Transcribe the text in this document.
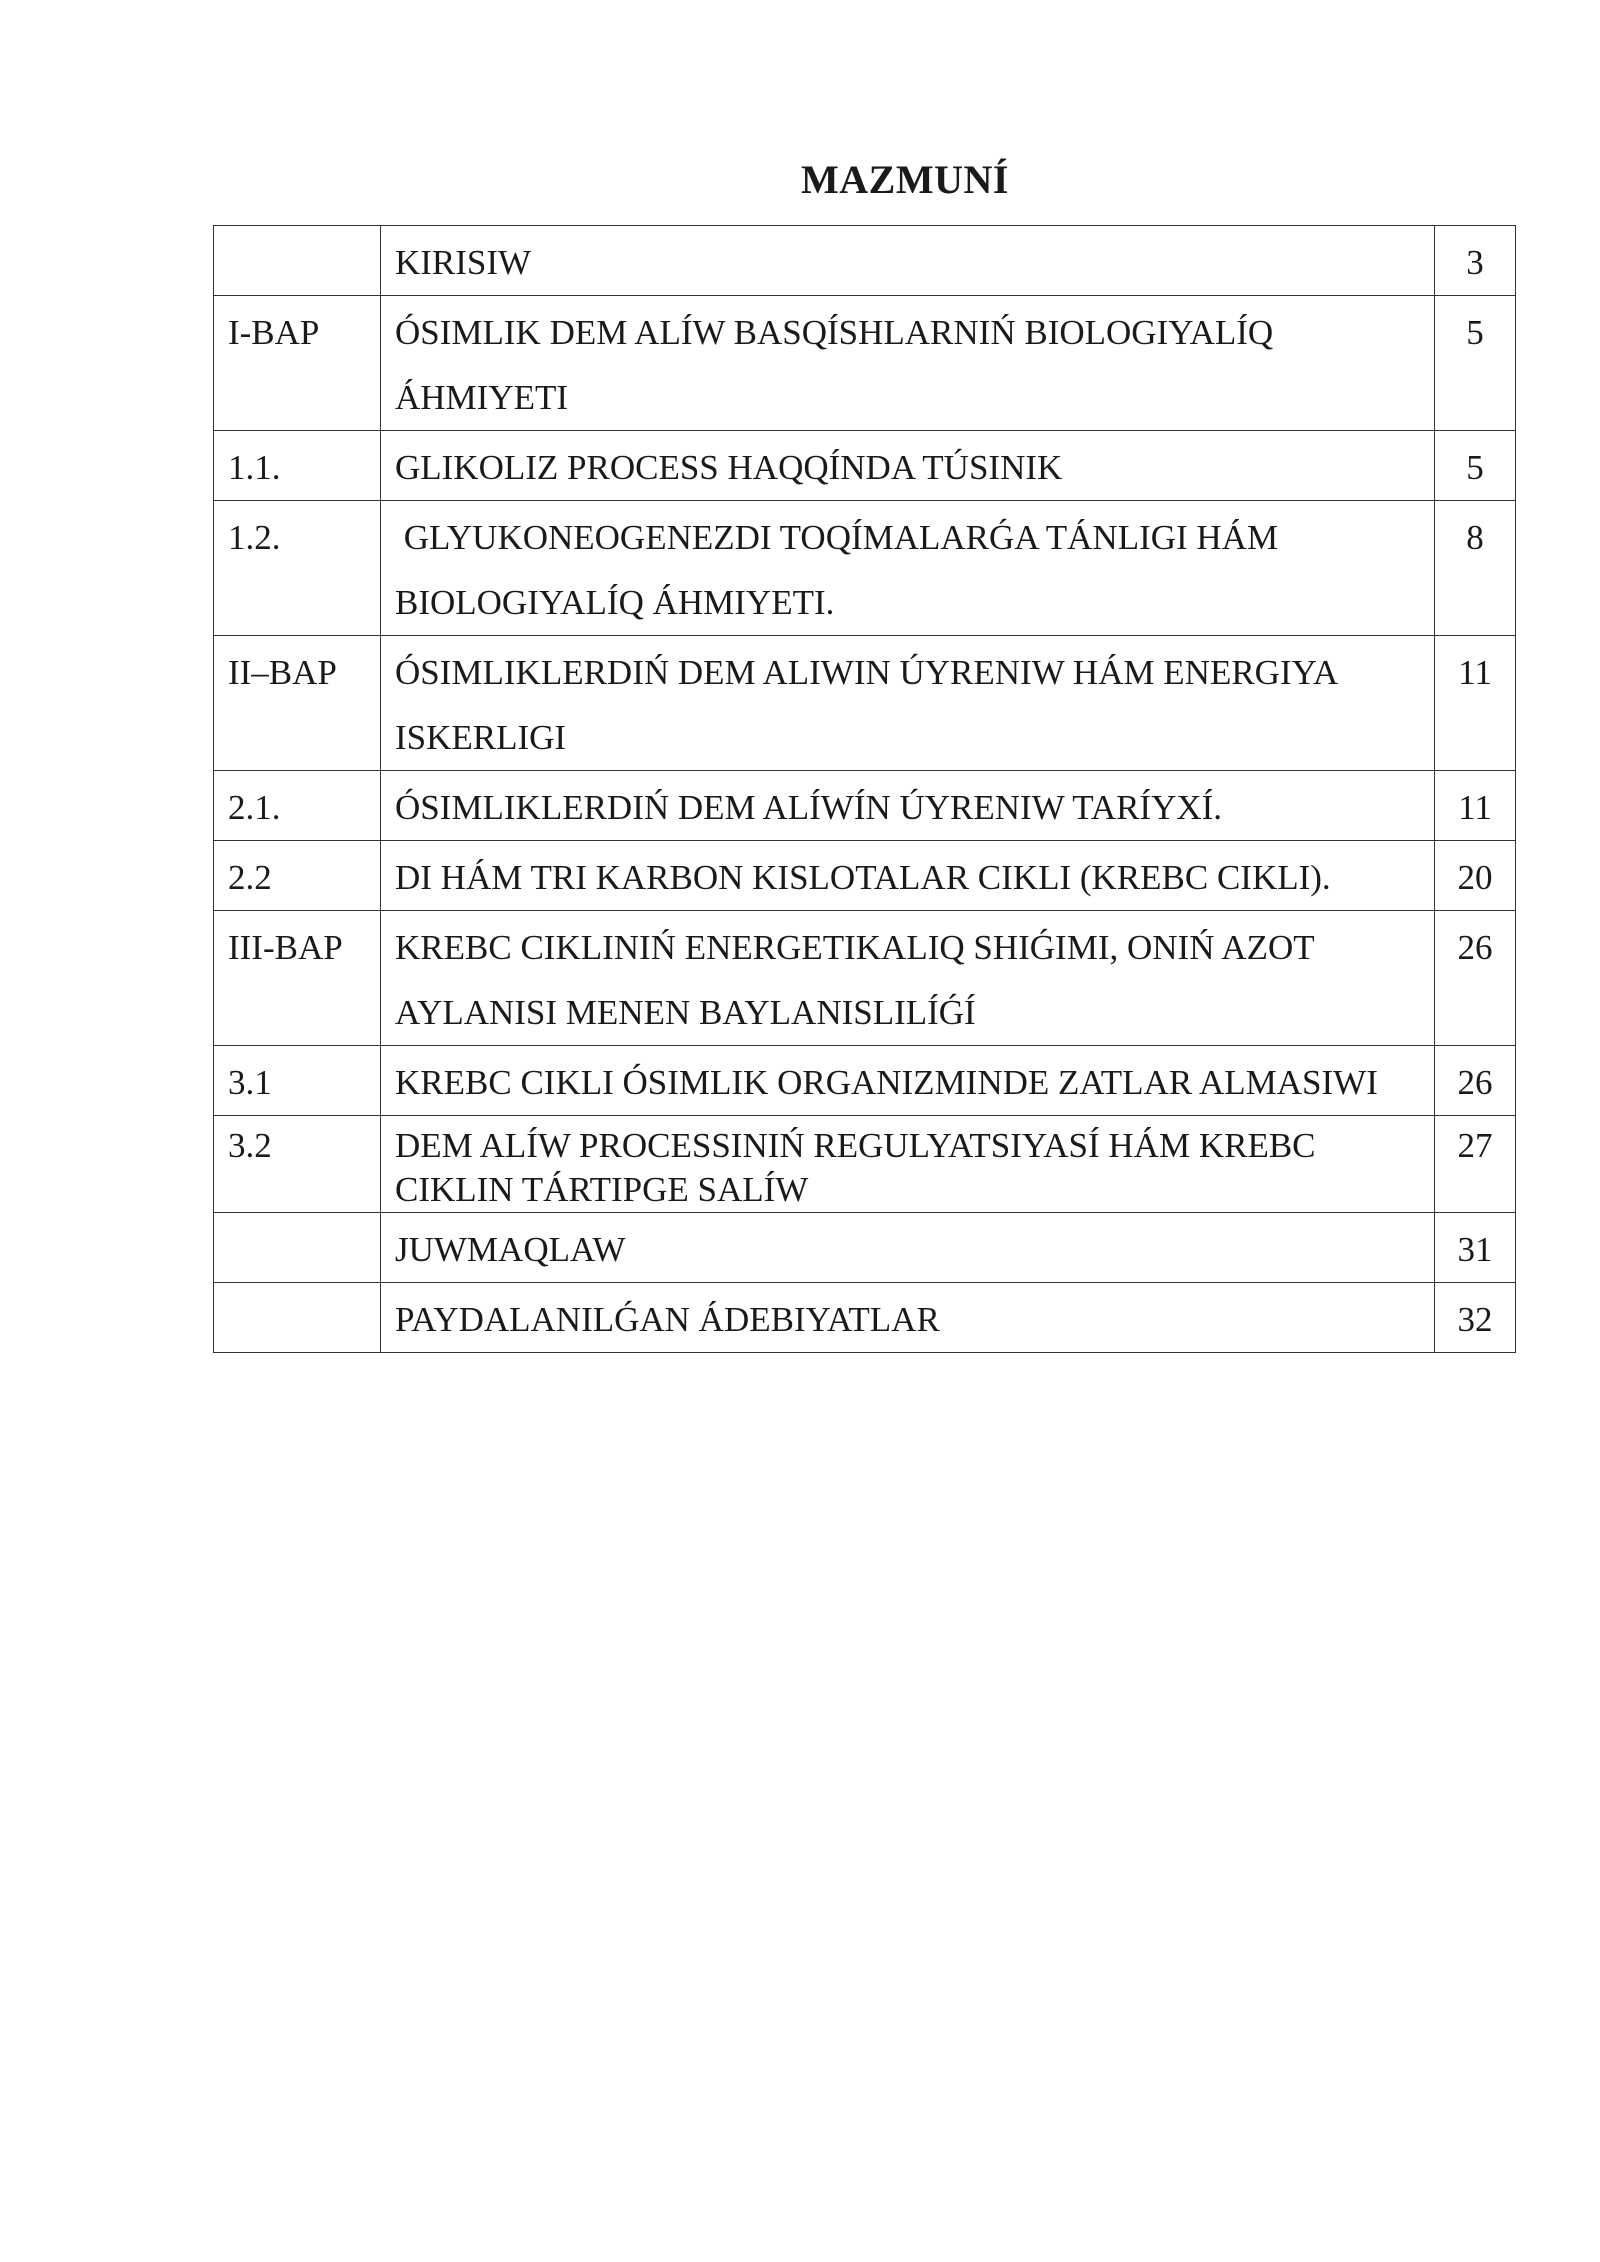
MAZMUNÍ
	KIRISIW	3
I-BAP	ÓSIMLIK DEM ALÍW BASQÍSHLARNIŃ BIOLOGIYALÍQ ÁHMIYETI	5
1.1.	GLIKOLIZ PROCESS HAQQÍNDA TÚSINIK	5
1.2.	GLYUKONEOGENEZDI TOQÍMALARǴA TÁNLIGI HÁM BIOLOGIYALÍQ ÁHMIYETI.	8
II–BAP	ÓSIMLIKLERDIŃ DEM ALIWIN ÚYRENIW HÁM ENERGIYA ISKERLIGI	11
2.1.	ÓSIMLIKLERDIŃ DEM ALÍWÍN ÚYRENIW TARÍYXÍ.	11
2.2	DI HÁM TRI KARBON KISLOTALAR CIKLI (KREBC CIKLI).	20
III-BAP	KREBC CIKLINIŃ ENERGETIKALIQ SHIǴIMI, ONIŃ AZOT AYLANISI MENEN BAYLANISLILÍǴÍ	26
3.1	KREBC CIKLI ÓSIMLIK ORGANIZMINDE ZATLAR ALMASIWI	26
3.2	DEM ALÍW PROCESSINIŃ REGULYATSIYASÍ HÁM KREBC CIKLIN TÁRTIPGE SALÍW	27
	JUWMAQLAW	31
	PAYDALANILǴAN ÁDEBIYATLAR	32
